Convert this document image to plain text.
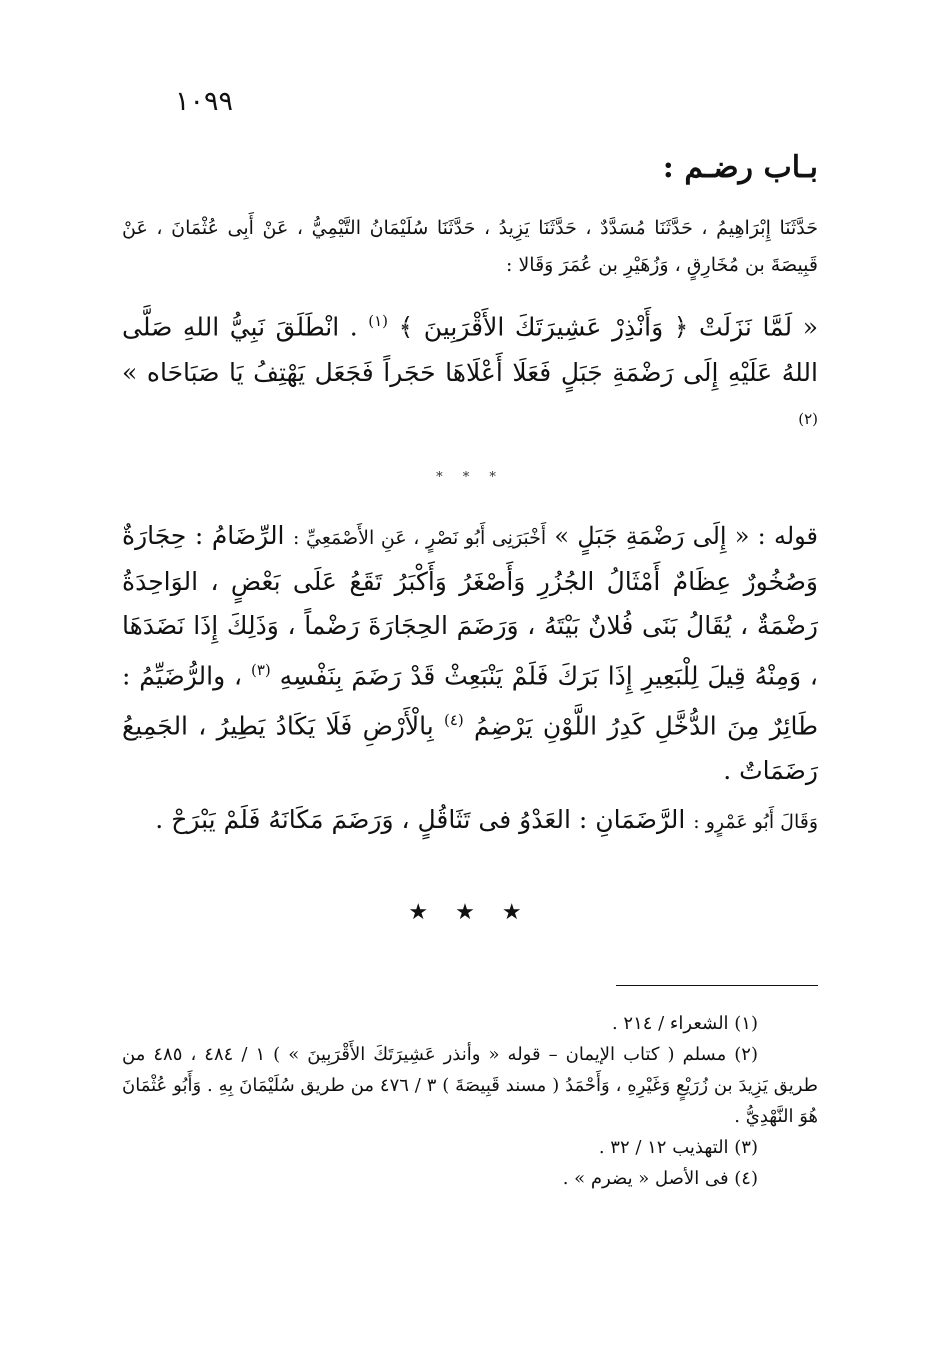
١٠٩٩
بـاب رضـم :

حَدَّثَنَا إِبْرَاهِيمُ ، حَدَّثَنَا مُسَدَّدٌ ، حَدَّثَنَا يَزِيدُ ، حَدَّثَنَا سُلَيْمَانُ التَّيْمِيُّ ، عَنْ أَبِى عُثْمَانَ ، عَنْ قَبِيصَةَ بن مُخَارِقٍ ، وَزُهَيْرِ بن عُمَرَ وَقَالا :

« لَمَّا نَزَلَتْ ﴿ وَأَنْذِرْ عَشِيرَتَكَ الأَقْرَبِينَ ﴾ $^{(١)}$ . انْطَلَقَ نَبِيُّ اللهِ صَلَّى اللهُ عَلَيْهِ إِلَى رَضْمَةِ جَبَلٍ فَعَلَا أَعْلَاهَا حَجَراً فَجَعَل يَهْتِفُ يَا صَبَاحَاه » $^{(٢)}$

* * *

قوله : « إِلَى رَضْمَةِ جَبَلٍ » أَخْبَرَنِى أَبُو نَصْرٍ ، عَنِ الأَصْمَعِيِّ : الرِّضَامُ : حِجَارَةٌ وَصُخُورٌ عِظَامٌ أَمْثَالُ الجُزُرِ وَأَصْغَرُ وَأَكْبَرُ تَقَعُ عَلَى بَعْضٍ ، الوَاحِدَةُ رَضْمَةٌ ، يُقَالُ بَنَى فُلانٌ بَيْتَهُ ، وَرَضَمَ الحِجَارَةَ رَضْماً ، وَذَلِكَ إِذَا نَضَدَهَا ، وَمِنْهُ قِيلَ لِلْبَعِيرِ إِذَا بَرَكَ فَلَمْ يَنْبَعِثْ قَدْ رَضَمَ بِنَفْسِهِ $^{(٣)}$ ، والرُّضَيِّمُ : طَائِرٌ مِنَ الدُّخَّلِ كَدِرُ اللَّوْنِ يَرْضِمُ $^{(٤)}$ بِالْأَرْضِ فَلَا يَكَادُ يَطِيرُ ، الجَمِيعُ رَضَمَاتٌ .

وَقَالَ أَبُو عَمْرٍو : الرَّضَمَانِ : العَدْوُ فى تَثَاقُلٍ ، وَرَضَمَ مَكَانَهُ فَلَمْ يَبْرَحْ .

★ ★ ★
(١) الشعراء / ٢١٤ .
(٢) مسلم ( كتاب الإيمان – قوله « وأنذر عَشِيرَتَكَ الأَقْرَبِينَ » ) ١ / ٤٨٤ ، ٤٨٥ من طريق يَزِيدَ بن زُرَيْعٍ وَغَيْرِهِ ، وَأَحْمَدُ ( مسند قَبِيصَةَ ) ٣ / ٤٧٦ من طريق سُلَيْمَانَ بِهِ . وَأَبُو عُثْمَانَ هُوَ النَّهْدِيُّ .
(٣) التهذيب ١٢ / ٣٢ .
(٤) فى الأصل « يضرم » .
